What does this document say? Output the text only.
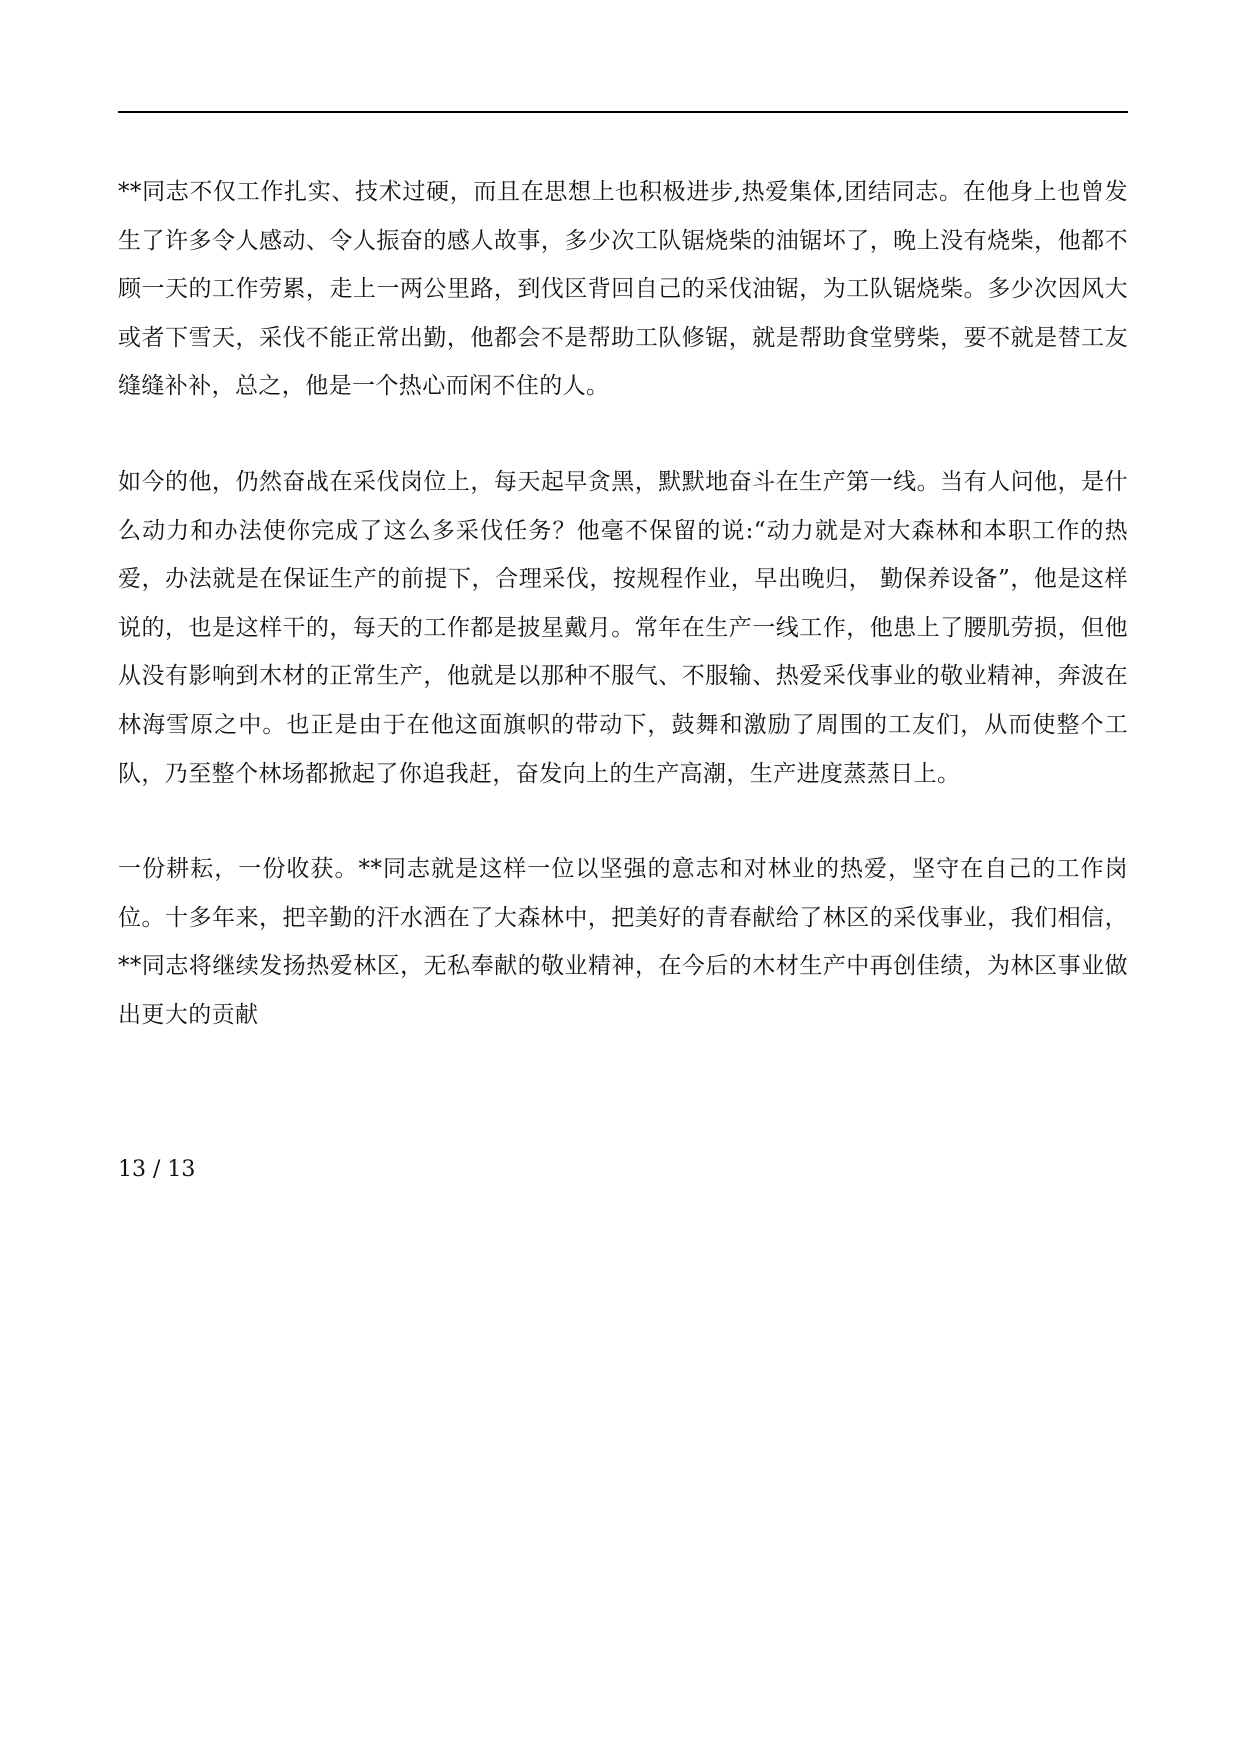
**同志不仅工作扎实、技术过硬，而且在思想上也积极进步,热爱集体,团结同志。在他身上也曾发生了许多令人感动、令人振奋的感人故事，多少次工队锯烧柴的油锯坏了，晚上没有烧柴，他都不顾一天的工作劳累，走上一两公里路，到伐区背回自己的采伐油锯，为工队锯烧柴。多少次因风大或者下雪天，采伐不能正常出勤，他都会不是帮助工队修锯，就是帮助食堂劈柴，要不就是替工友缝缝补补，总之，他是一个热心而闲不住的人。

如今的他，仍然奋战在采伐岗位上，每天起早贪黑，默默地奋斗在生产第一线。当有人问他，是什么动力和办法使你完成了这么多采伐任务？他毫不保留的说:“动力就是对大森林和本职工作的热爱，办法就是在保证生产的前提下，合理采伐，按规程作业，早出晚归， 勤保养设备”，他是这样说的，也是这样干的，每天的工作都是披星戴月。常年在生产一线工作，他患上了腰肌劳损，但他从没有影响到木材的正常生产，他就是以那种不服气、不服输、热爱采伐事业的敬业精神，奔波在林海雪原之中。也正是由于在他这面旗帜的带动下，鼓舞和激励了周围的工友们，从而使整个工队，乃至整个林场都掀起了你追我赶，奋发向上的生产高潮，生产进度蒸蒸日上。

一份耕耘，一份收获。**同志就是这样一位以坚强的意志和对林业的热爱，坚守在自己的工作岗位。十多年来，把辛勤的汗水洒在了大森林中，把美好的青春献给了林区的采伐事业，我们相信，**同志将继续发扬热爱林区，无私奉献的敬业精神，在今后的木材生产中再创佳绩，为林区事业做出更大的贡献

13 / 13
